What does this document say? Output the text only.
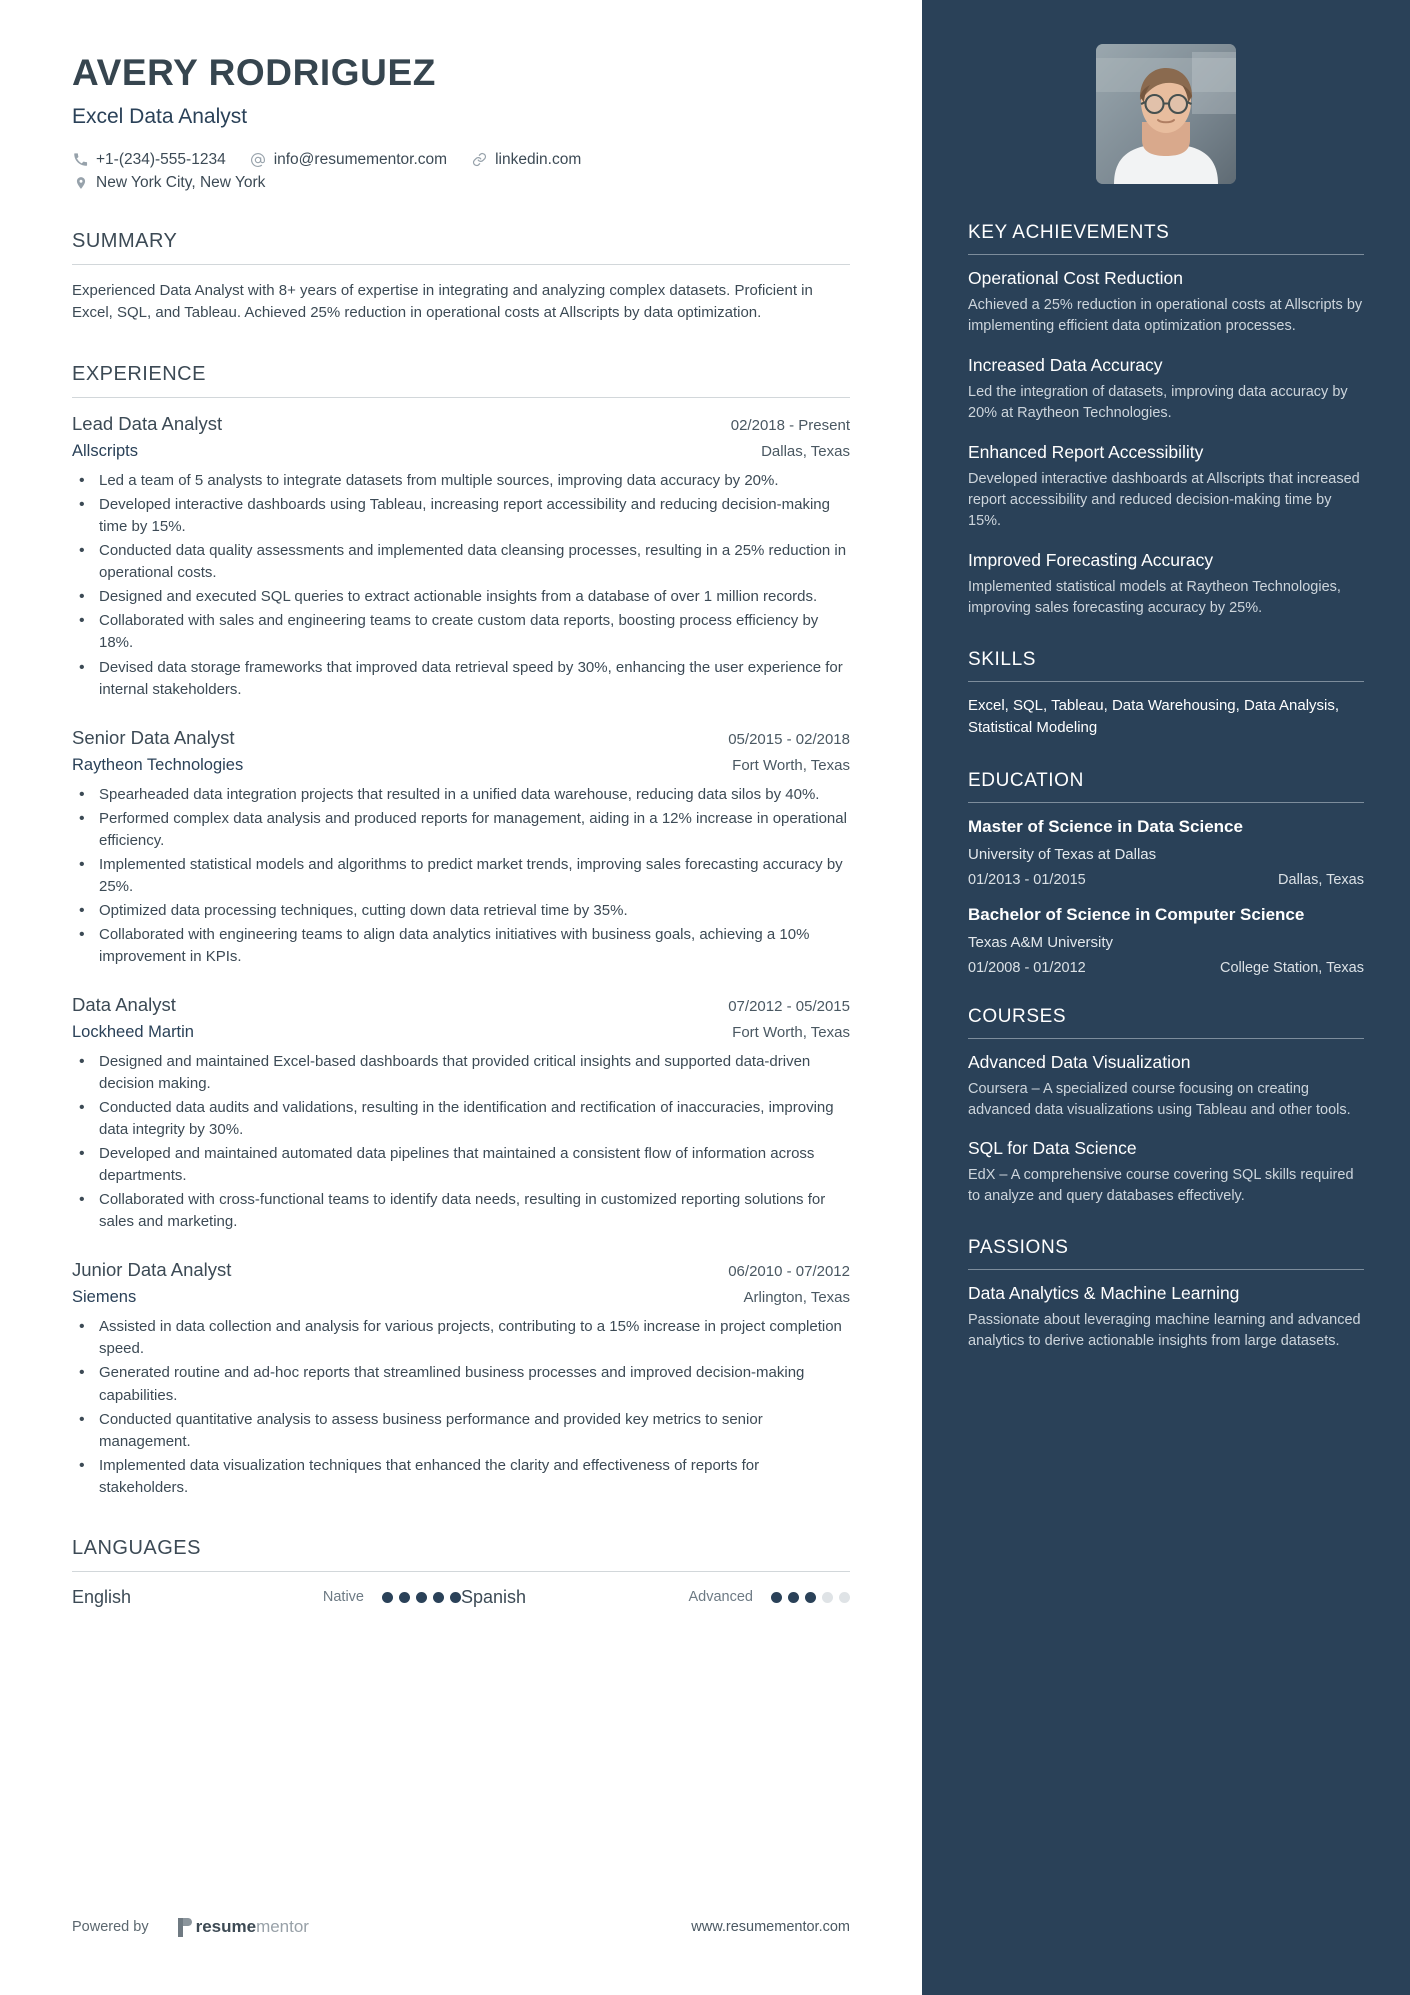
AVERY RODRIGUEZ
Excel Data Analyst
+1-(234)-555-1234	info@resumementor.com	linkedin.com
New York City, New York
SUMMARY
Experienced Data Analyst with 8+ years of expertise in integrating and analyzing complex datasets. Proficient in Excel, SQL, and Tableau. Achieved 25% reduction in operational costs at Allscripts by data optimization.
EXPERIENCE
Lead Data Analyst	02/2018 - Present
Allscripts	Dallas, Texas
• Led a team of 5 analysts to integrate datasets from multiple sources, improving data accuracy by 20%.
• Developed interactive dashboards using Tableau, increasing report accessibility and reducing decision-making time by 15%.
• Conducted data quality assessments and implemented data cleansing processes, resulting in a 25% reduction in operational costs.
• Designed and executed SQL queries to extract actionable insights from a database of over 1 million records.
• Collaborated with sales and engineering teams to create custom data reports, boosting process efficiency by 18%.
• Devised data storage frameworks that improved data retrieval speed by 30%, enhancing the user experience for internal stakeholders.
Senior Data Analyst	05/2015 - 02/2018
Raytheon Technologies	Fort Worth, Texas
• Spearheaded data integration projects that resulted in a unified data warehouse, reducing data silos by 40%.
• Performed complex data analysis and produced reports for management, aiding in a 12% increase in operational efficiency.
• Implemented statistical models and algorithms to predict market trends, improving sales forecasting accuracy by 25%.
• Optimized data processing techniques, cutting down data retrieval time by 35%.
• Collaborated with engineering teams to align data analytics initiatives with business goals, achieving a 10% improvement in KPIs.
Data Analyst	07/2012 - 05/2015
Lockheed Martin	Fort Worth, Texas
• Designed and maintained Excel-based dashboards that provided critical insights and supported data-driven decision making.
• Conducted data audits and validations, resulting in the identification and rectification of inaccuracies, improving data integrity by 30%.
• Developed and maintained automated data pipelines that maintained a consistent flow of information across departments.
• Collaborated with cross-functional teams to identify data needs, resulting in customized reporting solutions for sales and marketing.
Junior Data Analyst	06/2010 - 07/2012
Siemens	Arlington, Texas
• Assisted in data collection and analysis for various projects, contributing to a 15% increase in project completion speed.
• Generated routine and ad-hoc reports that streamlined business processes and improved decision-making capabilities.
• Conducted quantitative analysis to assess business performance and provided key metrics to senior management.
• Implemented data visualization techniques that enhanced the clarity and effectiveness of reports for stakeholders.
LANGUAGES
English	Native	Spanish	Advanced
Powered by	resume mentor	www.resumementor.com
KEY ACHIEVEMENTS
Operational Cost Reduction
Achieved a 25% reduction in operational costs at Allscripts by implementing efficient data optimization processes.
Increased Data Accuracy
Led the integration of datasets, improving data accuracy by 20% at Raytheon Technologies.
Enhanced Report Accessibility
Developed interactive dashboards at Allscripts that increased report accessibility and reduced decision-making time by 15%.
Improved Forecasting Accuracy
Implemented statistical models at Raytheon Technologies, improving sales forecasting accuracy by 25%.
SKILLS
Excel, SQL, Tableau, Data Warehousing, Data Analysis, Statistical Modeling
EDUCATION
Master of Science in Data Science
University of Texas at Dallas
01/2013 - 01/2015	Dallas, Texas
Bachelor of Science in Computer Science
Texas A&M University
01/2008 - 01/2012	College Station, Texas
COURSES
Advanced Data Visualization
Coursera – A specialized course focusing on creating advanced data visualizations using Tableau and other tools.
SQL for Data Science
EdX – A comprehensive course covering SQL skills required to analyze and query databases effectively.
PASSIONS
Data Analytics & Machine Learning
Passionate about leveraging machine learning and advanced analytics to derive actionable insights from large datasets.
